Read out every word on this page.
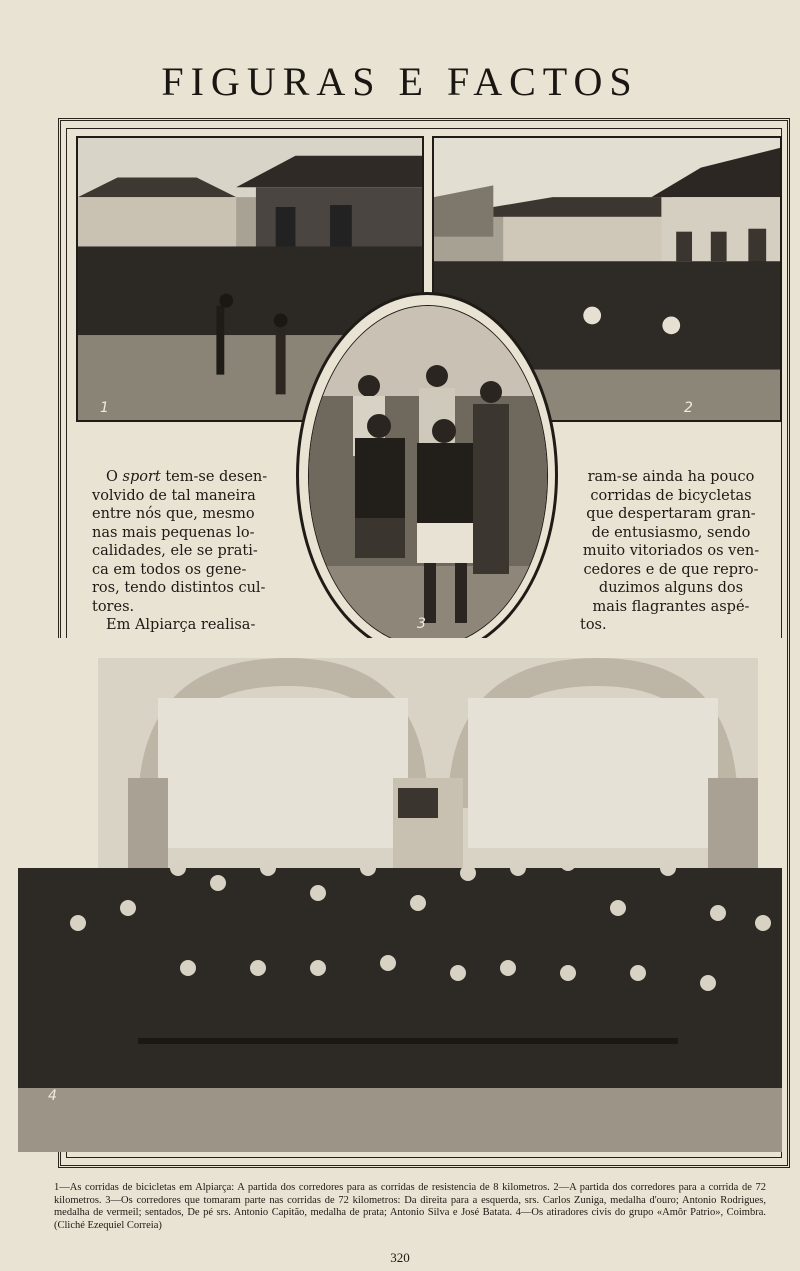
FIGURAS E FACTOS
1	2
3

O sport tem-se desen-

volvido de tal maneira

entre nós que, mesmo

nas mais pequenas lo-

calidades, ele se prati-

ca em todos os gene-

ros, tendo distintos cul-

tores.

Em Alpiarça realisa-

ram-se ainda ha pouco

corridas de bicycletas

que despertaram gran-

de entusiasmo, sendo

muito vitoriados os ven-

cedores e de que repro-

duzimos alguns dos

mais flagrantes aspé-

tos.

4
1—As corridas de bicicletas em Alpiarça: A partida dos corredores para as corridas de resistencia de 8 kilometros. 2—A partida dos corredores para a corrida de 72 kilometros. 3—Os corredores que tomaram parte nas corridas de 72 kilometros: Da direita para a esquerda, srs. Carlos Zuniga, medalha d'ouro; Antonio Rodrigues, medalha de vermeil; sentados, De pé srs. Antonio Capitão, medalha de prata; Antonio Silva e José Batata. 4—Os atiradores civis do grupo «Amôr Patrio», Coimbra. (Cliché Ezequiel Correia)
320
